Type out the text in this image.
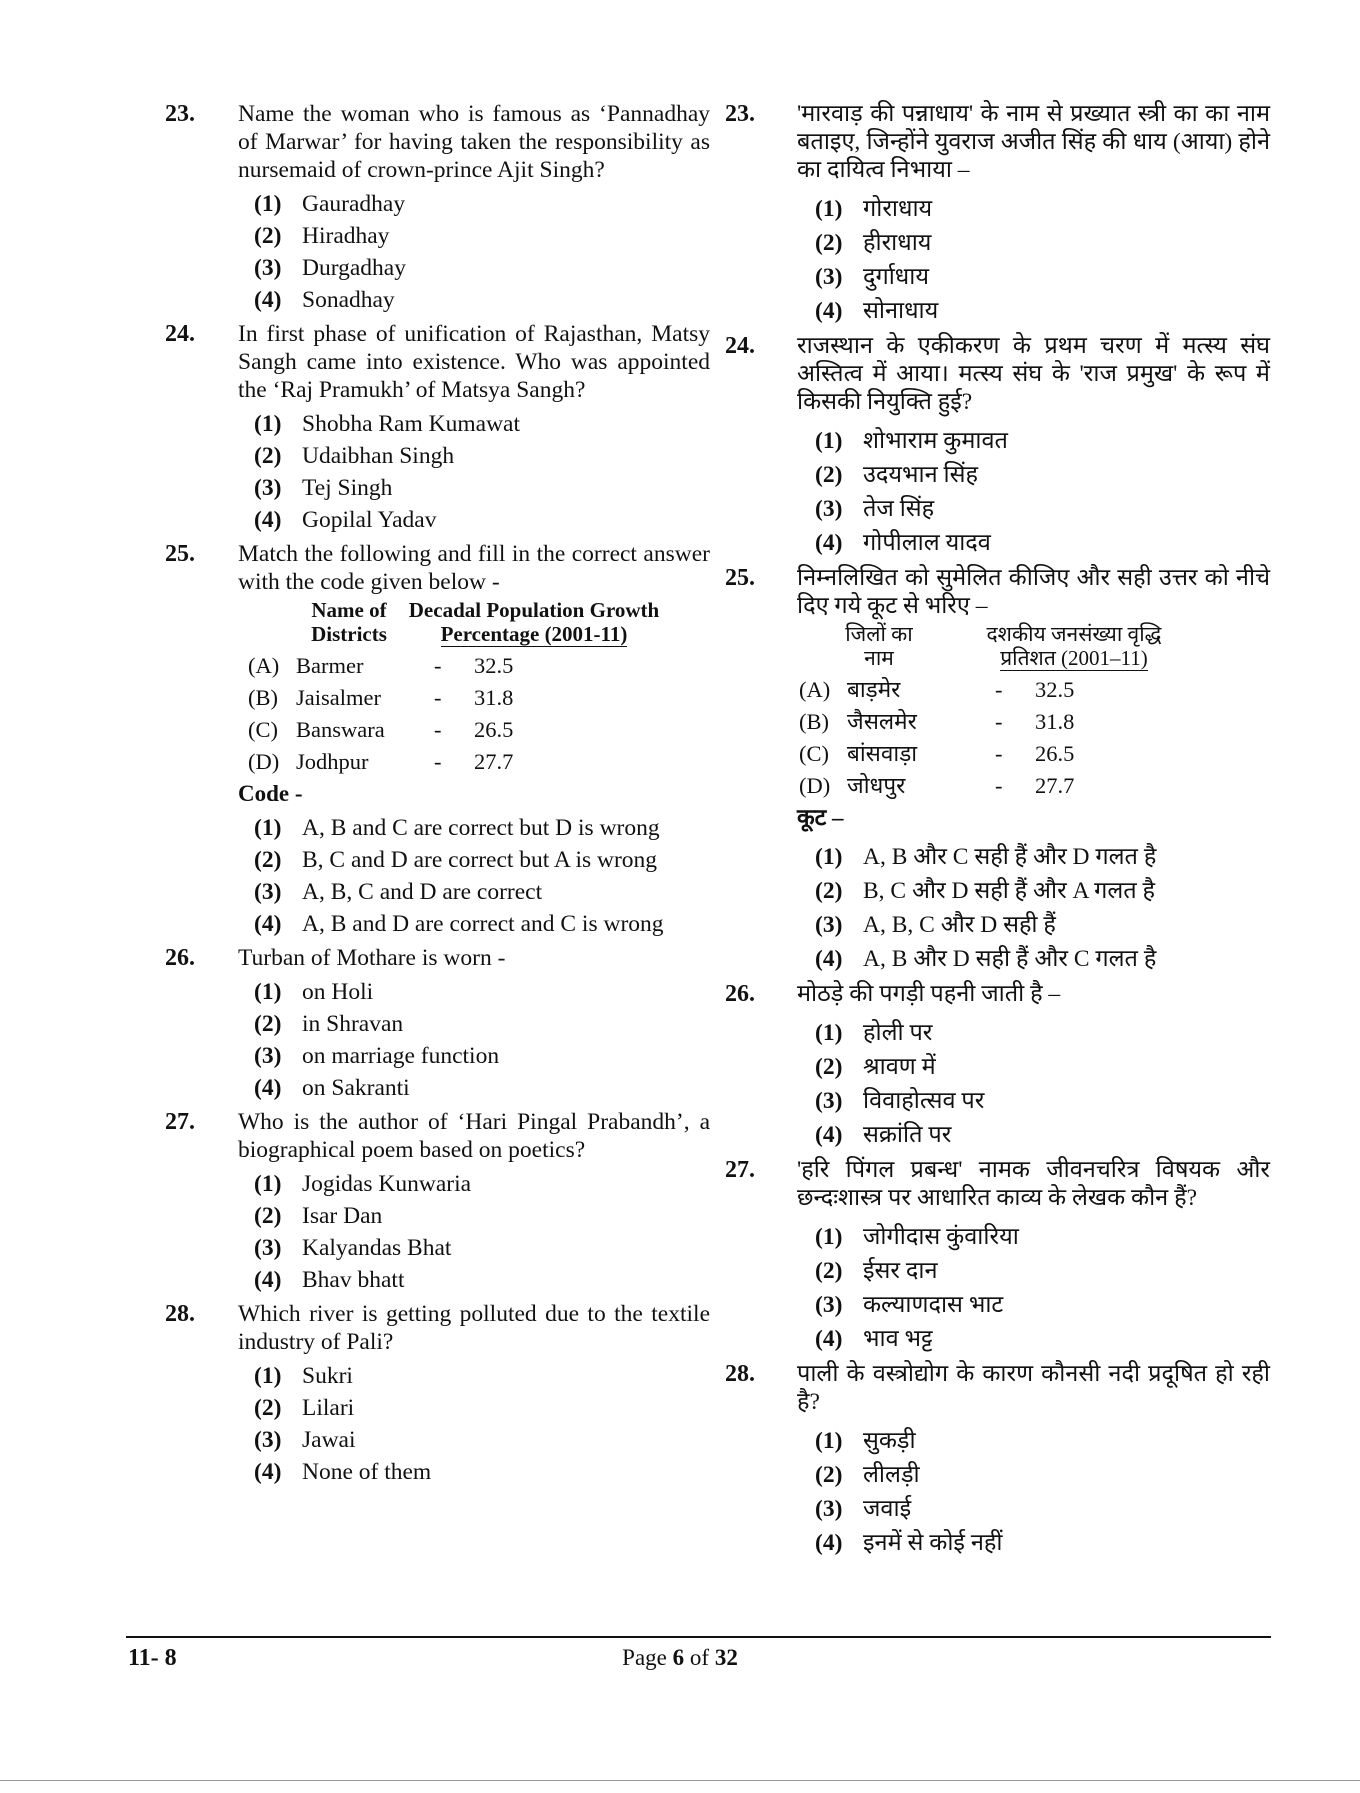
23. Name the woman who is famous as ‘Pannadhay of Marwar’ for having taken the responsibility as nursemaid of crown-prince Ajit Singh?
(1) Gauradhay
(2) Hiradhay
(3) Durgadhay
(4) Sonadhay
24. In first phase of unification of Rajasthan, Matsy Sangh came into existence. Who was appointed the ‘Raj Pramukh’ of Matsya Sangh?
(1) Shobha Ram Kumawat
(2) Udaibhan Singh
(3) Tej Singh
(4) Gopilal Yadav
25. Match the following and fill in the correct answer with the code given below -
Name of
Districts
Decadal Population Growth
Percentage (2001-11)
(A) Barmer	-	32.5
(B) Jaisalmer	-	31.8
(C) Banswara	-	26.5
(D) Jodhpur	-	27.7
Code -
(1) A, B and C are correct but D is wrong
(2) B, C and D are correct but A is wrong
(3) A, B, C and D are correct
(4) A, B and D are correct and C is wrong
26. Turban of Mothare is worn -
(1) on Holi
(2) in Shravan
(3) on marriage function
(4) on Sakranti
27. Who is the author of ‘Hari Pingal Prabandh’, a biographical poem based on poetics?
(1) Jogidas Kunwaria
(2) Isar Dan
(3) Kalyandas Bhat
(4) Bhav bhatt
28. Which river is getting polluted due to the textile industry of Pali?
(1) Sukri
(2) Lilari
(3) Jawai
(4) None of them
23. 'मारवाड़ की पन्नाधाय' के नाम से प्रख्यात स्त्री का का नाम बताइए, जिन्होंने युवराज अजीत सिंह की धाय (आया) होने का दायित्व निभाया –
(1) गोराधाय
(2) हीराधाय
(3) दुर्गाधाय
(4) सोनाधाय
24. राजस्थान के एकीकरण के प्रथम चरण में मत्स्य संघ अस्तित्व में आया। मत्स्य संघ के 'राज प्रमुख' के रूप में किसकी नियुक्ति हुई?
(1) शोभाराम कुमावत
(2) उदयभान सिंह
(3) तेज सिंह
(4) गोपीलाल यादव
25. निम्नलिखित को सुमेलित कीजिए और सही उत्तर को नीचे दिए गये कूट से भरिए –
जिलों का
नाम
दशकीय जनसंख्या वृद्धि
प्रतिशत (2001–11)
(A) बाड़मेर	-	32.5
(B) जैसलमेर	-	31.8
(C) बांसवाड़ा	-	26.5
(D) जोधपुर	-	27.7
कूट –
(1) A, B और C सही हैं और D गलत है
(2) B, C और D सही हैं और A गलत है
(3) A, B, C और D सही हैं
(4) A, B और D सही हैं और C गलत है
26. मोठड़े की पगड़ी पहनी जाती है –
(1) होली पर
(2) श्रावण में
(3) विवाहोत्सव पर
(4) सक्रांति पर
27. 'हरि पिंगल प्रबन्ध' नामक जीवनचरित्र विषयक और छन्दःशास्त्र पर आधारित काव्य के लेखक कौन हैं?
(1) जोगीदास कुंवारिया
(2) ईसर दान
(3) कल्याणदास भाट
(4) भाव भट्ट
28. पाली के वस्त्रोद्योग के कारण कौनसी नदी प्रदूषित हो रही है?
(1) सुकड़ी
(2) लीलड़ी
(3) जवाई
(4) इनमें से कोई नहीं
11- 8	Page 6 of 32
